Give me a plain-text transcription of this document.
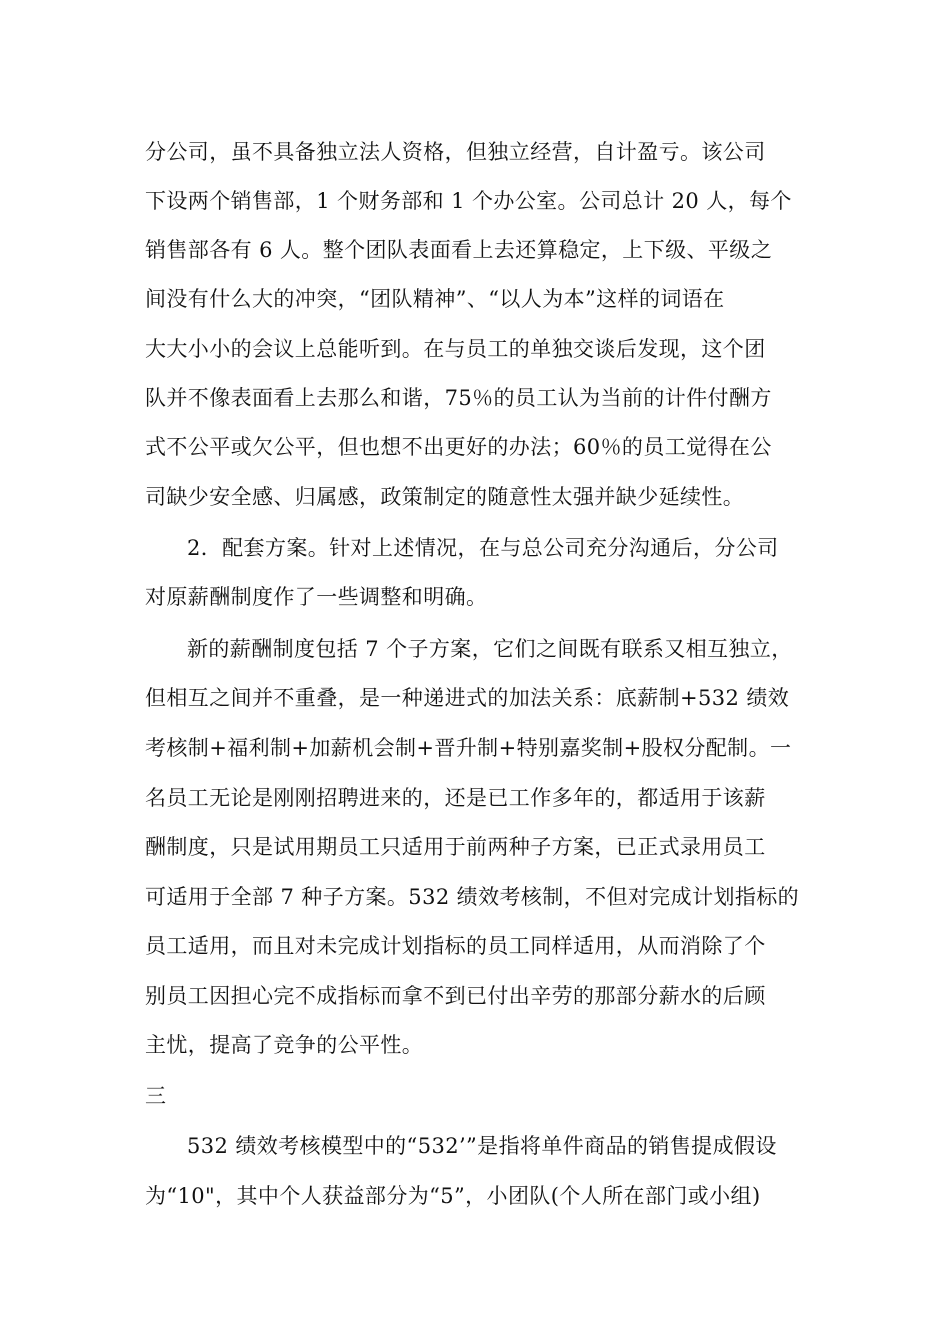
分公司，虽不具备独立法人资格，但独立经营，自计盈亏。该公司
下设两个销售部，1 个财务部和 1 个办公室。公司总计 20 人，每个
销售部各有 6 人。整个团队表面看上去还算稳定，上下级、平级之
间没有什么大的冲突，“团队精神”、“以人为本”这样的词语在
大大小小的会议上总能听到。在与员工的单独交谈后发现，这个团
队并不像表面看上去那么和谐，75％的员工认为当前的计件付酬方
式不公平或欠公平，但也想不出更好的办法；60％的员工觉得在公
司缺少安全感、归属感，政策制定的随意性太强并缺少延续性。
2．配套方案。针对上述情况，在与总公司充分沟通后，分公司
对原薪酬制度作了一些调整和明确。
新的薪酬制度包括 7 个子方案，它们之间既有联系又相互独立，
但相互之间并不重叠，是一种递进式的加法关系：底薪制+532 绩效
考核制+福利制+加薪机会制+晋升制+特别嘉奖制+股权分配制。一
名员工无论是刚刚招聘进来的，还是已工作多年的，都适用于该薪
酬制度，只是试用期员工只适用于前两种子方案，已正式录用员工
可适用于全部 7 种子方案。532 绩效考核制，不但对完成计划指标的
员工适用，而且对未完成计划指标的员工同样适用，从而消除了个
别员工因担心完不成指标而拿不到已付出辛劳的那部分薪水的后顾
主忧，提高了竞争的公平性。
三
532 绩效考核模型中的“532’”是指将单件商品的销售提成假设
为“10"，其中个人获益部分为“5”，小团队(个人所在部门或小组)
